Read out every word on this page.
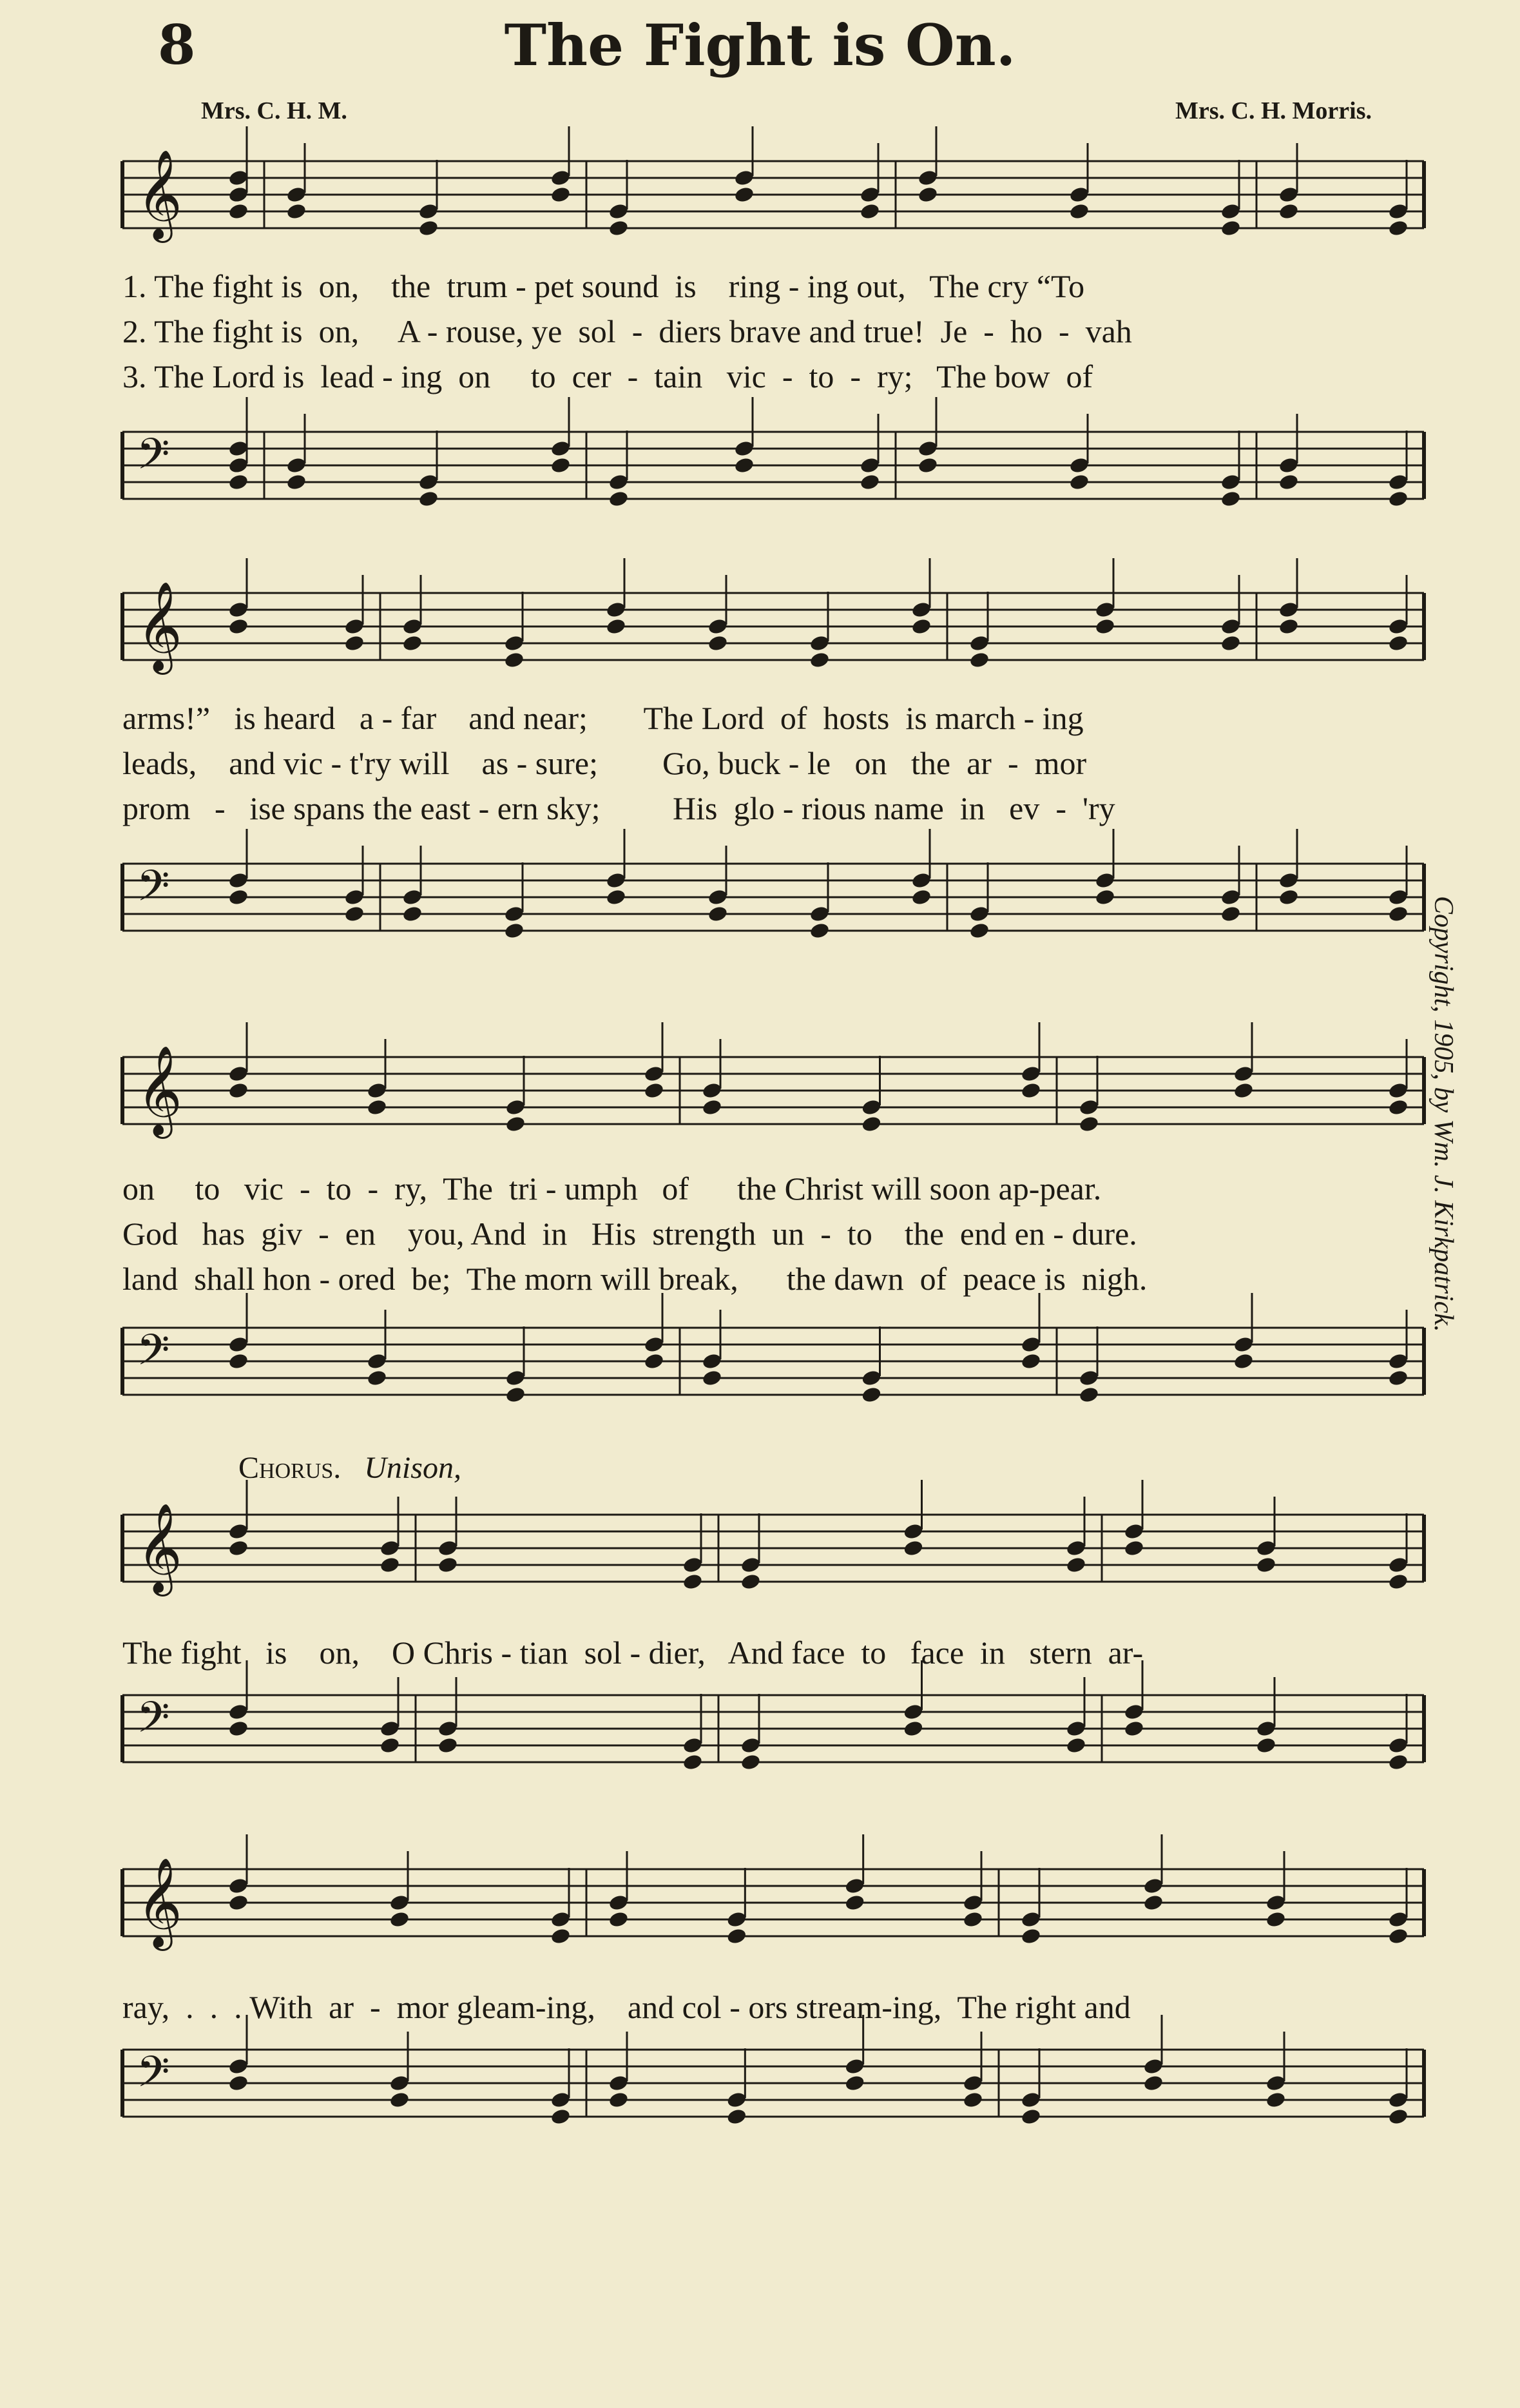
8	The Fight is On.
Mrs. C. H. M.	Mrs. C. H. Morris.
𝄞
1. The fight is  on,    the  trum - pet sound  is    ring - ing out,   The cry “To
2. The fight is  on,     A - rouse, ye  sol  -  diers brave and true!  Je  -  ho  -  vah
3. The Lord is  lead - ing  on     to  cer  -  tain   vic  -  to  -  ry;   The bow  of
𝄢
𝄞
arms!”   is heard   a - far    and near;       The Lord  of  hosts  is march - ing
leads,    and vic - t'ry will    as - sure;        Go, buck - le   on   the  ar  -  mor
prom   -   ise spans the east - ern sky;         His  glo - rious name  in   ev  -  'ry
𝄢
𝄞
on     to   vic  -  to  -  ry,  The  tri - umph   of      the Christ will soon ap-pear.
God   has  giv  -  en    you, And  in   His  strength  un  -  to    the  end en - dure.
land  shall hon - ored  be;  The morn will break,      the dawn  of  peace is  nigh.
𝄢
Chorus. Unison,
𝄞
The fight   is    on,    O Chris - tian  sol - dier,   And face  to   face  in   stern  ar-
𝄢
𝄞
ray,  .  .  . With  ar  -  mor gleam-ing,    and col - ors stream-ing,  The right and
𝄢
Copyright, 1905, by Wm. J. Kirkpatrick.
